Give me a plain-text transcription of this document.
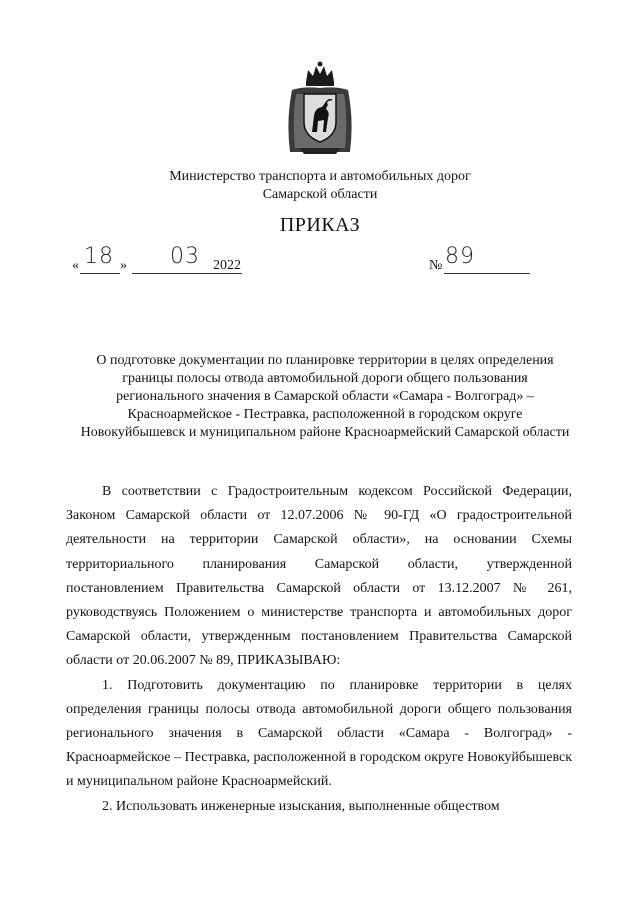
Министерство транспорта и автомобильных дорог
Самарской области
ПРИКАЗ
« 18 » 03 2022	№ 89
О подготовке документации по планировке территории в целях определения
границы полосы отвода автомобильной дороги общего пользования
регионального значения в Самарской области «Самара - Волгоград» –
Красноармейское - Пестравка, расположенной в городском округе
Новокуйбышевск и муниципальном районе Красноармейский Самарской области

В соответствии с Градостроительным кодексом Российской Федерации, Законом Самарской области от 12.07.2006 № 90-ГД «О градостроительной деятельности на территории Самарской области», на основании Схемы территориального планирования Самарской области, утвержденной постановлением Правительства Самарской области от 13.12.2007 № 261, руководствуясь Положением о министерстве транспорта и автомобильных дорог Самарской области, утвержденным постановлением Правительства Самарской области от 20.06.2007 № 89, ПРИКАЗЫВАЮ:

1. Подготовить документацию по планировке территории в целях определения границы полосы отвода автомобильной дороги общего пользования регионального значения в Самарской области «Самара - Волгоград» - Красноармейское – Пестравка, расположенной в городском округе Новокуйбышевск и муниципальном районе Красноармейский.

2. Использовать инженерные изыскания, выполненные обществом
